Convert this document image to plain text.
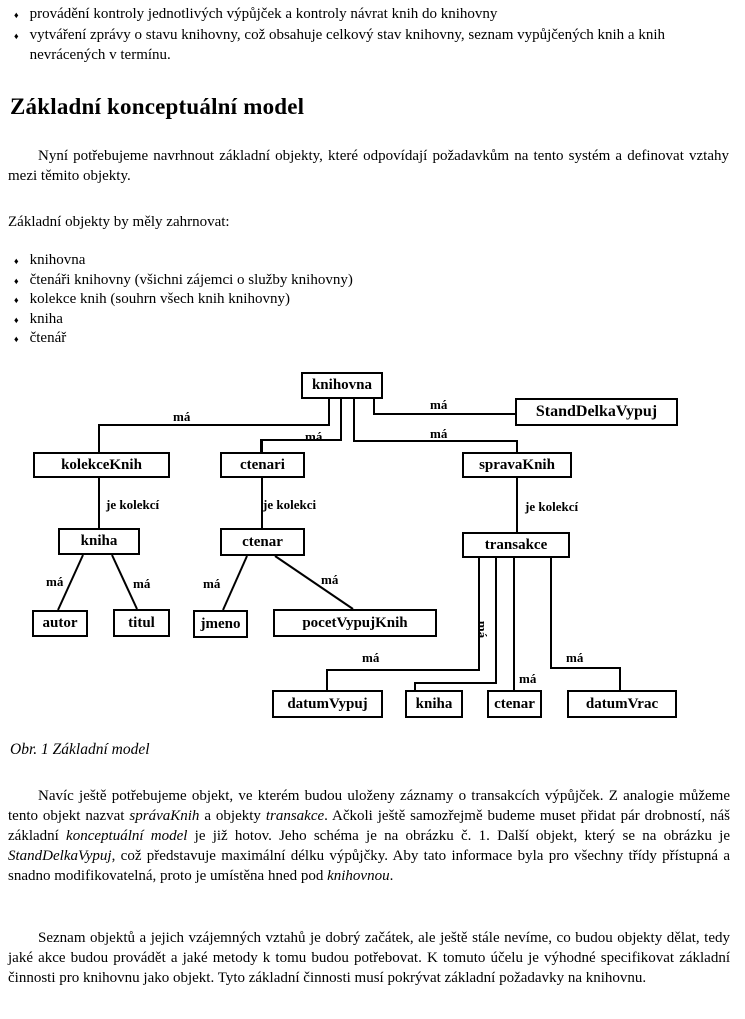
♦ provádění kontroly jednotlivých výpůjček a kontroly návrat knih do knihovny
♦ vytváření zprávy o stavu knihovny, což obsahuje celkový stav knihovny, seznam vypůjčených knih a knih nevrácených v termínu.
Základní konceptuální model

Nyní potřebujeme navrhnout základní objekty, které odpovídají požadavkům na tento systém a definovat vztahy mezi těmito objekty.

Základní objekty by měly zahrnovat:

♦ knihovna
♦ čtenáři knihovny (všichni zájemci o služby knihovny)
♦ kolekce knih (souhrn všech knih knihovny)
♦ kniha
♦ čtenář
knihovna
StandDelkaVypuj
kolekceKnih	ctenari	spravaKnih
kniha	ctenar	transakce
autor	titul	jmeno	pocetVypujKnih
datumVypuj	kniha	ctenar	datumVrac
má
má
má	má
je kolekcí	je kolekci	je kolekcí
má	má	má	má
má
má
má
má

Obr. 1 Základní model

Navíc ještě potřebujeme objekt, ve kterém budou uloženy záznamy o transakcích výpůjček. Z analogie můžeme tento objekt nazvat správaKnih a objekty transakce. Ačkoli ještě samozřejmě budeme muset přidat pár drobností, náš základní konceptuální model je již hotov. Jeho schéma je na obrázku č. 1. Další objekt, který se na obrázku je StandDelkaVypuj, což představuje maximální délku výpůjčky. Aby tato informace byla pro všechny třídy přístupná a snadno modifikovatelná, proto je umístěna hned pod knihovnou.

Seznam objektů a jejich vzájemných vztahů je dobrý začátek, ale ještě stále nevíme, co budou objekty dělat, tedy jaké akce budou provádět a jaké metody k tomu budou potřebovat. K tomuto účelu je výhodné specifikovat základní činnosti pro knihovnu jako objekt. Tyto základní činnosti musí pokrývat základní požadavky na knihovnu.
